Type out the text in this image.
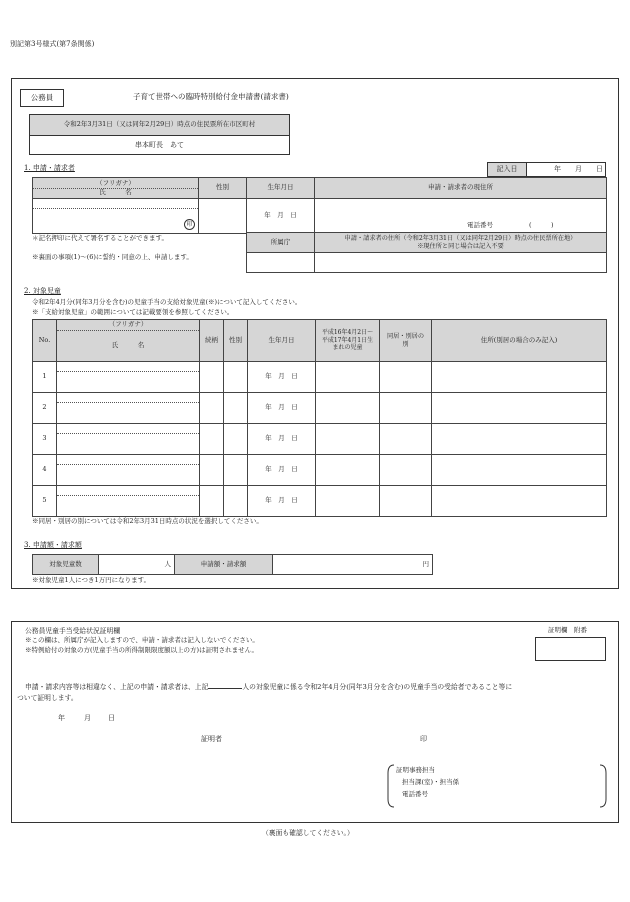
別記第3号様式(第7条関係)
公務員	子育て世帯への臨時特別給付金申請書(請求書)
令和2年3月31日（又は同年2月29日）時点の住民票所在市区町村
串本町長　あて
1. 申請・請求者	記入日	年 月 日
（フリガナ）
氏　　　名	性別	生年月日	申請・請求者の現住所

印		年　 月　 日	電話番号 (　　　)
＊記名押印に代えて署名することができます。
※裏面の事項(1)～(6)に誓約・同意の上、申請します。
所属庁	申請・請求者の住所（令和2年3月31日（又は同年2月29日）時点の住民票所在地）
※現住所と同じ場合は記入不要

2. 対象児童
令和2年4月分(同年3月分を含む)の児童手当の支給対象児童(※)について記入してください。
※「支給対象児童」の範囲については記載要領を参照してください。
No.	（フリガナ）
氏　　　名	続柄	性別	生年月日	平成16年4月2日～平成17年4月1日生まれの児童	同居・別居の別	住所(別居の場合のみ記入)
1				年　月　日			
2				年　月　日			
3				年　月　日			
4				年　月　日			
5				年　月　日			
※同居・別居の別については令和2年3月31日時点の状況を選択してください。
3. 申請額・請求額
対象児童数	人	申請額・請求額	円
※対象児童1人につき1万円になります。
公務員児童手当受給状況証明欄
※この欄は、所属庁が記入しますので、申請・請求者は記入しないでください。
※特例給付の対象の方(児童手当の所得制限限度額以上の方)は証明されません。
証明欄　附番
申請・請求内容等は相違なく、上記の申請・請求者は、上記	人の対象児童に係る令和2年4月分(同年3月分を含む)の児童手当の受給者であること等に
ついて証明します。
年	月 日
証明者	印
証明事務担当
担当課(室)・担当係
電話番号
（裏面も確認してください。）
